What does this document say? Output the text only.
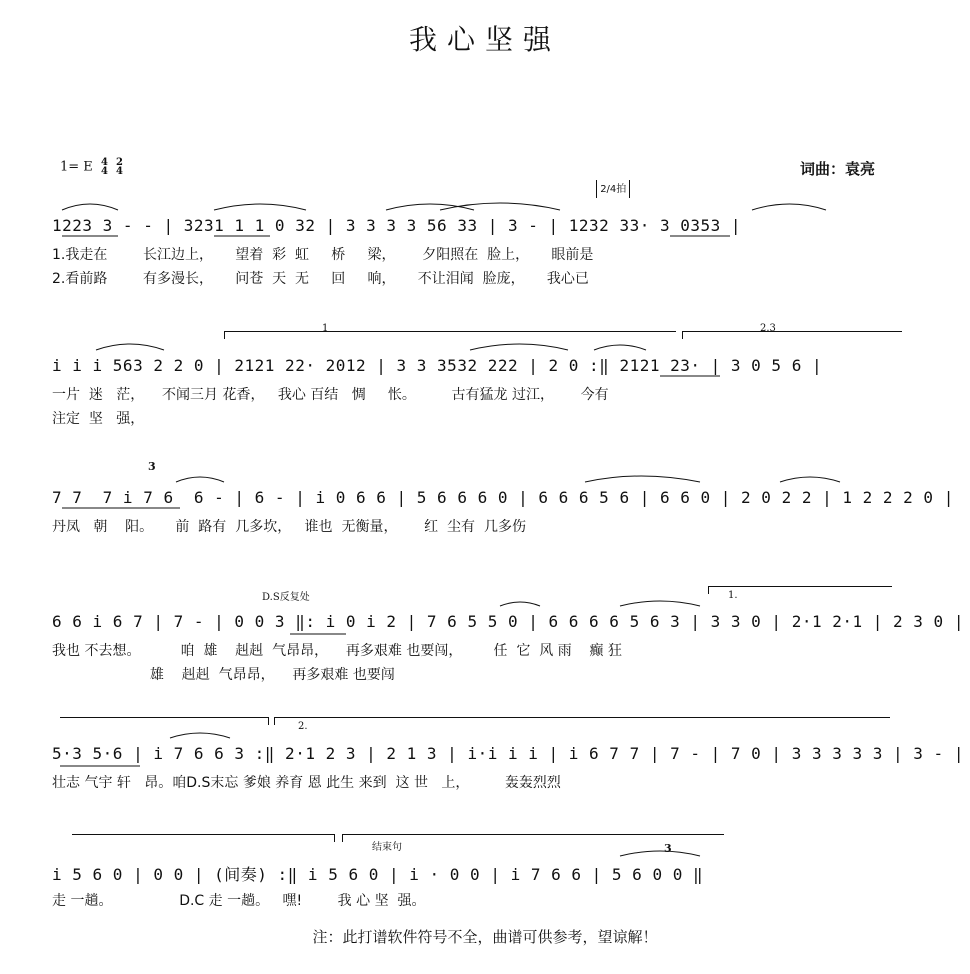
我心坚强
1= E 4
4 2
4	词曲：袁亮
2/4拍
1223 3 - - | 3231 1 1 0 32 | 3 3 3 3 56 33 | 3 - | 1232 33· 3 0353 |
1.我走在        长江边上，     望着  彩  虹     桥     梁，      夕阳照在  脸上，     眼前是
2.看前路        有多漫长，     问苍  天  无     回     响，     不让泪闻  脸庞，     我心已
1	2.3
i i i 563 2 2 0 | 2121 22· 2012 | 3 3 3532 222 | 2 0 :‖ 2121 23· | 3 0 5 6 |
一片  迷   茫，    不闻三月 花香，   我心 百结   惆     怅。        古有猛龙 过江，      今有
注定  坚   强，
3
7 7  7 i 7 6  6 - | 6 - | i 0 6 6 | 5 6 6 6 0 | 6 6 6 5 6 | 6 6 0 | 2 0 2 2 | 1 2 2 2 0 |
丹凤   朝    阳。     前  路有  几多坎，   谁也  无衡量，      红  尘有  几多伤
D.S反复处	1.
6 6 i 6 7 | 7 - | 0 0 3 ‖: i 0 i 2 | 7 6 5 5 0 | 6 6 6 6 5 6 3 | 3 3 0 | 2·1 2·1 | 2 3 0 |
我也 不去想。         咱  雄    赳赳  气昂昂，    再多艰难 也要闯，       任  它  风 雨    癫 狂
雄    赳赳  气昂昂，    再多艰难 也要闯
2.
5·3 5·6 | i 7 6 6 3 :‖ 2·1 2 3 | 2 1 3 | i·i i i | i 6 7 7 | 7 - | 7 0 | 3 3 3 3 3 | 3 - |
壮志 气宇 轩   昂。咱D.S末忘 爹娘 养育 恩 此生 来到  这 世   上，        轰轰烈烈
结束句	3
i 5 6 0 | 0 0 | (间奏) :‖ i 5 6 0 | i · 0 0 | i 7 6 6 | 5 6 0 0 ‖
走 一趟。               D.C 走 一趟。   嘿!        我 心 坚  强。
注：此打谱软件符号不全，曲谱可供参考，望谅解！
